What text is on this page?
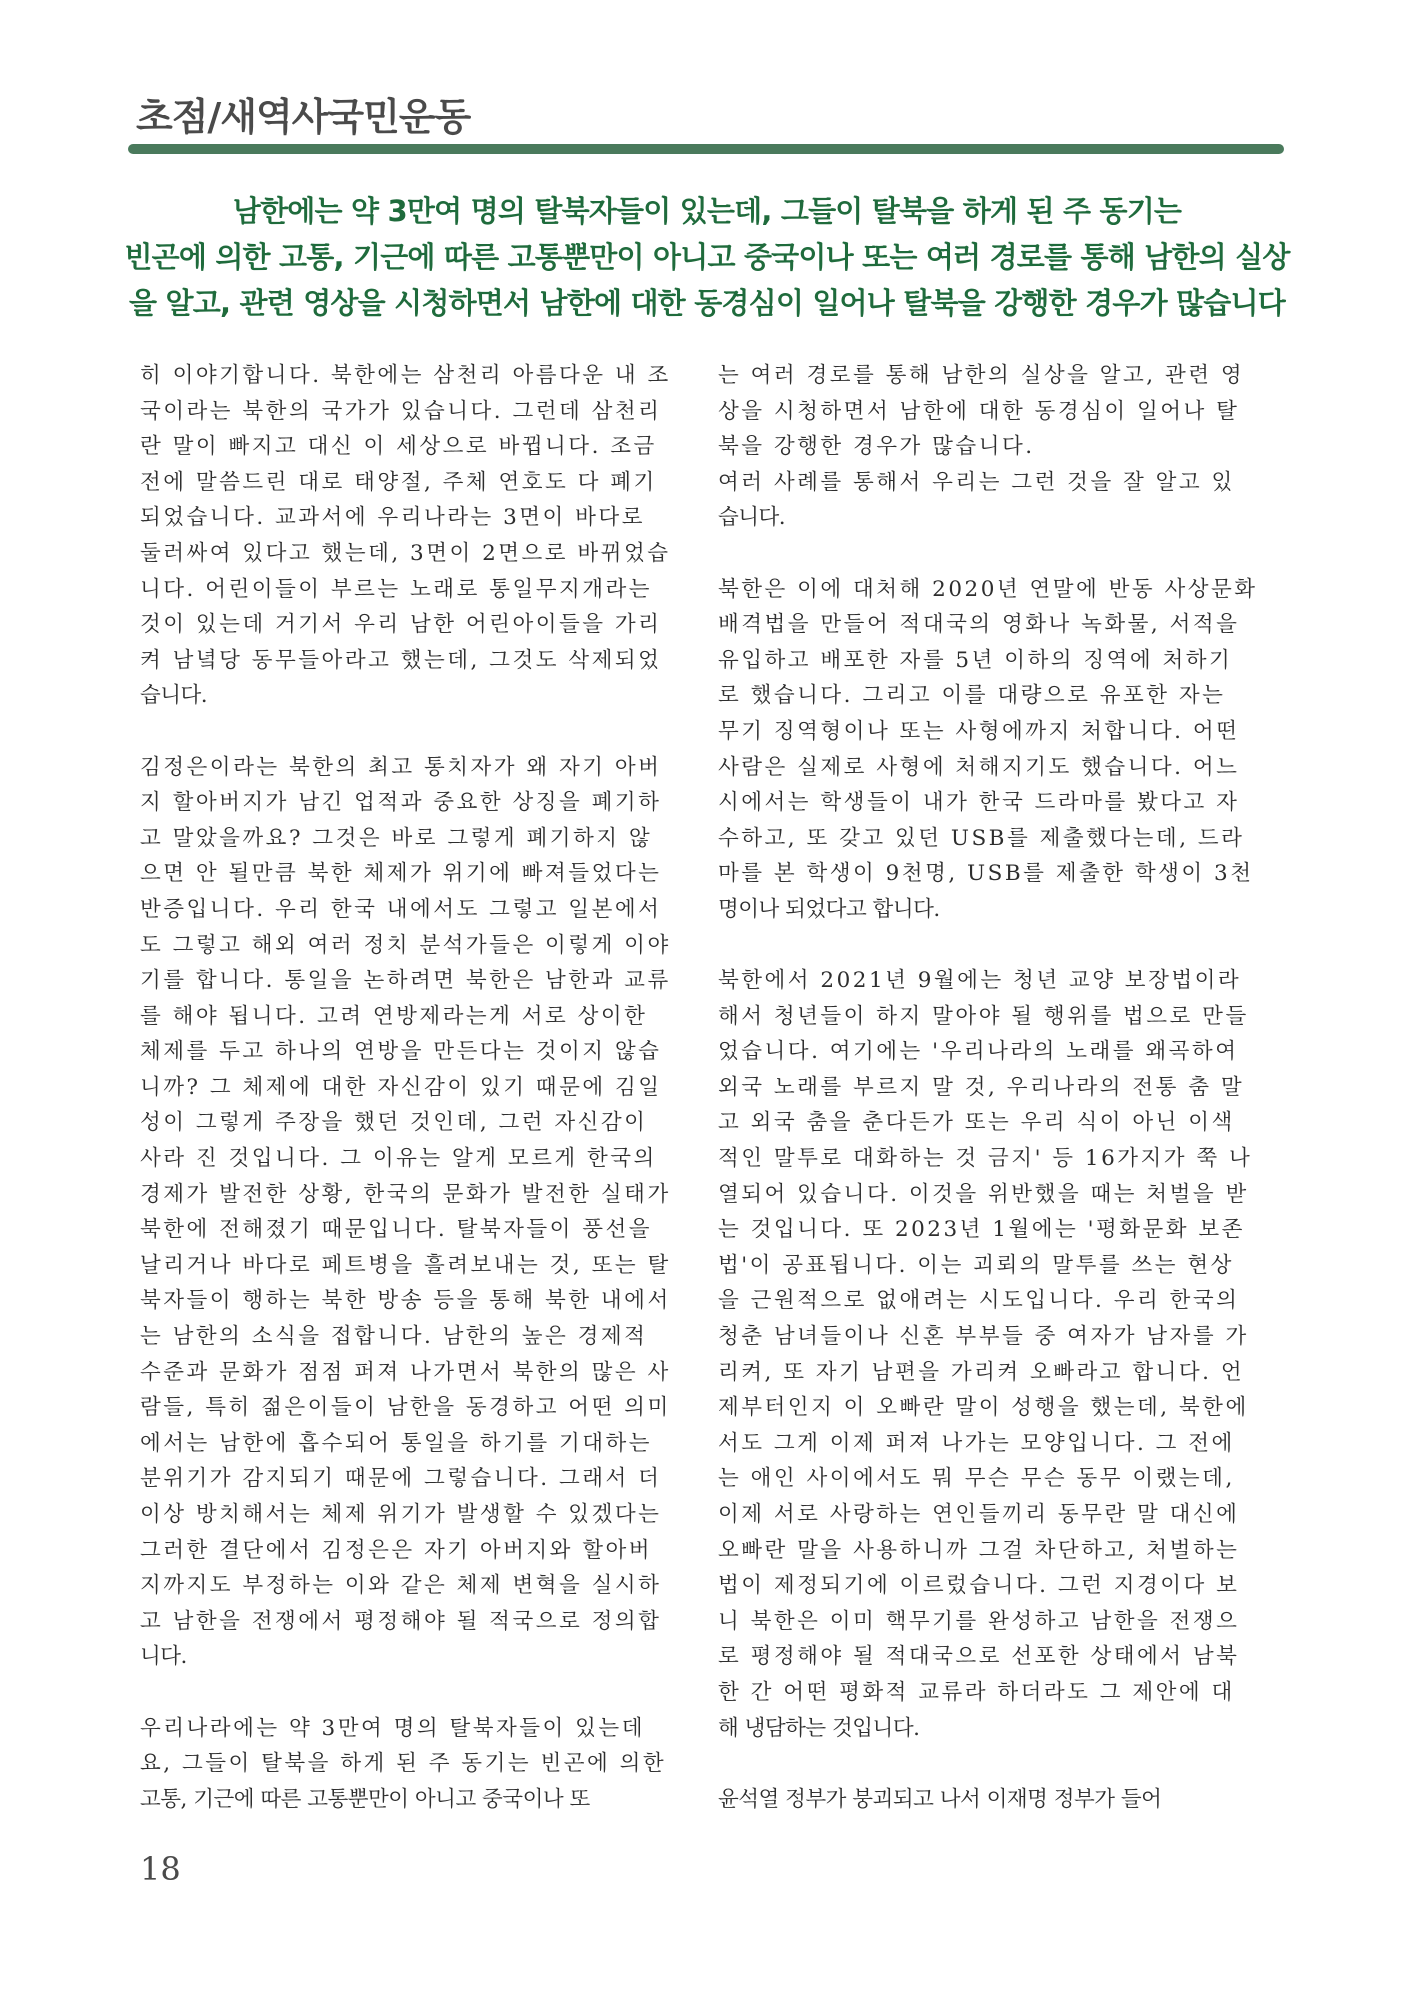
초점/새역사국민운동
남한에는 약 3만여 명의 탈북자들이 있는데, 그들이 탈북을 하게 된 주 동기는
빈곤에 의한 고통, 기근에 따른 고통뿐만이 아니고 중국이나 또는 여러 경로를 통해 남한의 실상
을 알고, 관련 영상을 시청하면서 남한에 대한 동경심이 일어나 탈북을 강행한 경우가 많습니다
히 이야기합니다. 북한에는 삼천리 아름다운 내 조
국이라는 북한의 국가가 있습니다. 그런데 삼천리
란 말이 빠지고 대신 이 세상으로 바뀝니다. 조금
전에 말씀드린 대로 태양절, 주체 연호도 다 폐기
되었습니다. 교과서에 우리나라는 3면이 바다로
둘러싸여 있다고 했는데, 3면이 2면으로 바뀌었습
니다. 어린이들이 부르는 노래로 통일무지개라는
것이 있는데 거기서 우리 남한 어린아이들을 가리
켜 남녘당 동무들아라고 했는데, 그것도 삭제되었
습니다.
김정은이라는 북한의 최고 통치자가 왜 자기 아버
지 할아버지가 남긴 업적과 중요한 상징을 폐기하
고 말았을까요? 그것은 바로 그렇게 폐기하지 않
으면 안 될만큼 북한 체제가 위기에 빠져들었다는
반증입니다. 우리 한국 내에서도 그렇고 일본에서
도 그렇고 해외 여러 정치 분석가들은 이렇게 이야
기를 합니다. 통일을 논하려면 북한은 남한과 교류
를 해야 됩니다. 고려 연방제라는게 서로 상이한
체제를 두고 하나의 연방을 만든다는 것이지 않습
니까? 그 체제에 대한 자신감이 있기 때문에 김일
성이 그렇게 주장을 했던 것인데, 그런 자신감이
사라 진 것입니다. 그 이유는 알게 모르게 한국의
경제가 발전한 상황, 한국의 문화가 발전한 실태가
북한에 전해졌기 때문입니다. 탈북자들이 풍선을
날리거나 바다로 페트병을 흘려보내는 것, 또는 탈
북자들이 행하는 북한 방송 등을 통해 북한 내에서
는 남한의 소식을 접합니다. 남한의 높은 경제적
수준과 문화가 점점 퍼져 나가면서 북한의 많은 사
람들, 특히 젊은이들이 남한을 동경하고 어떤 의미
에서는 남한에 흡수되어 통일을 하기를 기대하는
분위기가 감지되기 때문에 그렇습니다. 그래서 더
이상 방치해서는 체제 위기가 발생할 수 있겠다는
그러한 결단에서 김정은은 자기 아버지와 할아버
지까지도 부정하는 이와 같은 체제 변혁을 실시하
고 남한을 전쟁에서 평정해야 될 적국으로 정의합
니다.
우리나라에는 약 3만여 명의 탈북자들이 있는데
요, 그들이 탈북을 하게 된 주 동기는 빈곤에 의한
고통, 기근에 따른 고통뿐만이 아니고 중국이나 또
는 여러 경로를 통해 남한의 실상을 알고, 관련 영
상을 시청하면서 남한에 대한 동경심이 일어나 탈
북을 강행한 경우가 많습니다.
여러 사례를 통해서 우리는 그런 것을 잘 알고 있
습니다.
북한은 이에 대처해 2020년 연말에 반동 사상문화
배격법을 만들어 적대국의 영화나 녹화물, 서적을
유입하고 배포한 자를 5년 이하의 징역에 처하기
로 했습니다. 그리고 이를 대량으로 유포한 자는
무기 징역형이나 또는 사형에까지 처합니다. 어떤
사람은 실제로 사형에 처해지기도 했습니다. 어느
시에서는 학생들이 내가 한국 드라마를 봤다고 자
수하고, 또 갖고 있던 USB를 제출했다는데, 드라
마를 본 학생이 9천명, USB를 제출한 학생이 3천
명이나 되었다고 합니다.
북한에서 2021년 9월에는 청년 교양 보장법이라
해서 청년들이 하지 말아야 될 행위를 법으로 만들
었습니다. 여기에는 '우리나라의 노래를 왜곡하여
외국 노래를 부르지 말 것, 우리나라의 전통 춤 말
고 외국 춤을 춘다든가 또는 우리 식이 아닌 이색
적인 말투로 대화하는 것 금지' 등 16가지가 쭉 나
열되어 있습니다. 이것을 위반했을 때는 처벌을 받
는 것입니다. 또 2023년 1월에는 '평화문화 보존
법'이 공표됩니다. 이는 괴뢰의 말투를 쓰는 현상
을 근원적으로 없애려는 시도입니다. 우리 한국의
청춘 남녀들이나 신혼 부부들 중 여자가 남자를 가
리켜, 또 자기 남편을 가리켜 오빠라고 합니다. 언
제부터인지 이 오빠란 말이 성행을 했는데, 북한에
서도 그게 이제 퍼져 나가는 모양입니다. 그 전에
는 애인 사이에서도 뭐 무슨 무슨 동무 이랬는데,
이제 서로 사랑하는 연인들끼리 동무란 말 대신에
오빠란 말을 사용하니까 그걸 차단하고, 처벌하는
법이 제정되기에 이르렀습니다. 그런 지경이다 보
니 북한은 이미 핵무기를 완성하고 남한을 전쟁으
로 평정해야 될 적대국으로 선포한 상태에서 남북
한 간 어떤 평화적 교류라 하더라도 그 제안에 대
해 냉담하는 것입니다.
윤석열 정부가 붕괴되고 나서 이재명 정부가 들어
18
